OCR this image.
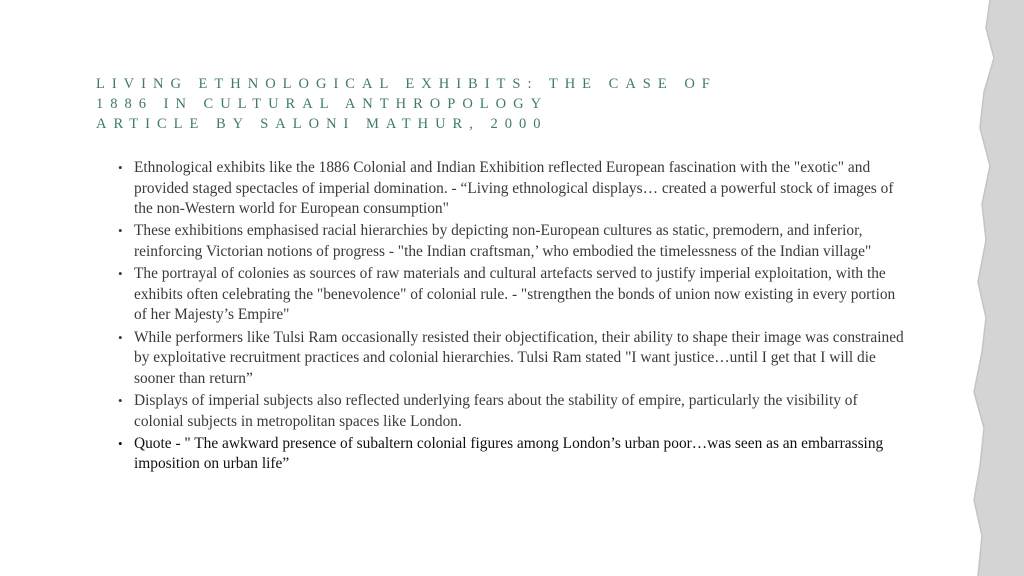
LIVING ETHNOLOGICAL EXHIBITS: THE CASE OF
1886 IN CULTURAL ANTHROPOLOGY
ARTICLE BY SALONI MATHUR, 2000
• Ethnological exhibits like the 1886 Colonial and Indian Exhibition reflected European fascination with the "exotic" and provided staged spectacles of imperial domination. - “Living ethnological displays… created a powerful stock of images of the non-Western world for European consumption"
• These exhibitions emphasised racial hierarchies by depicting non-European cultures as static, premodern, and inferior, reinforcing Victorian notions of progress - "the Indian craftsman,’ who embodied the timelessness of the Indian village"
• The portrayal of colonies as sources of raw materials and cultural artefacts served to justify imperial exploitation, with the exhibits often celebrating the "benevolence" of colonial rule. - "strengthen the bonds of union now existing in every portion of her Majesty’s Empire"
• While performers like Tulsi Ram occasionally resisted their objectification, their ability to shape their image was constrained by exploitative recruitment practices and colonial hierarchies. Tulsi Ram stated "I want justice…until I get that I will die sooner than return”
• Displays of imperial subjects also reflected underlying fears about the stability of empire, particularly the visibility of colonial subjects in metropolitan spaces like London.
• Quote - " The awkward presence of subaltern colonial figures among London’s urban poor…was seen as an embarrassing imposition on urban life”
